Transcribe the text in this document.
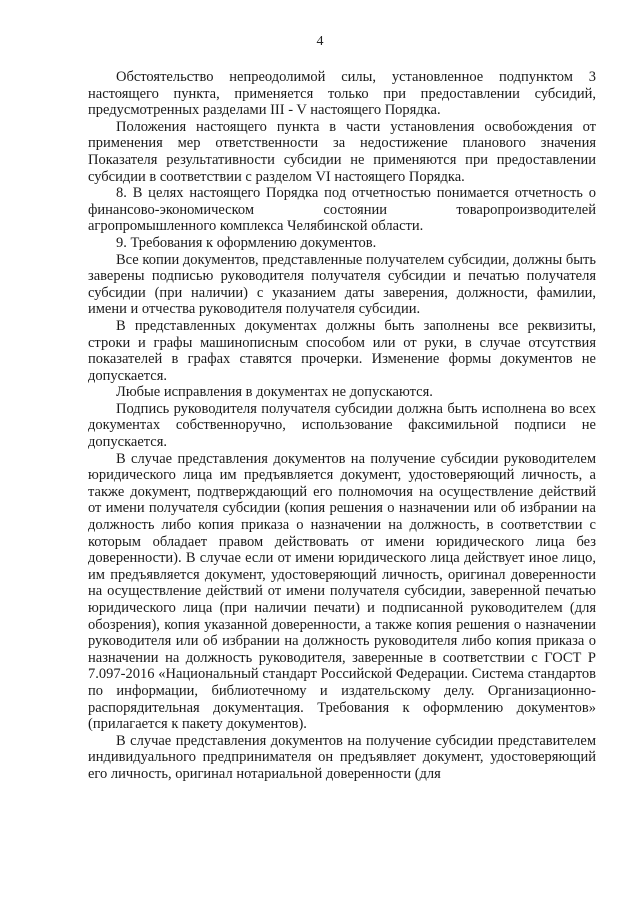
4

Обстоятельство непреодолимой силы, установленное подпунктом 3 настоящего пункта, применяется только при предоставлении субсидий, предусмотренных разделами III - V настоящего Порядка.

Положения настоящего пункта в части установления освобождения от применения мер ответственности за недостижение планового значения Показателя результативности субсидии не применяются при предоставлении субсидии в соответствии с разделом VI настоящего Порядка.

8. В целях настоящего Порядка под отчетностью понимается отчетность о финансово-экономическом состоянии товаропроизводителей агропромышленного комплекса Челябинской области.

9. Требования к оформлению документов.

Все копии документов, представленные получателем субсидии, должны быть заверены подписью руководителя получателя субсидии и печатью получателя субсидии (при наличии) с указанием даты заверения, должности, фамилии, имени и отчества руководителя получателя субсидии.

В представленных документах должны быть заполнены все реквизиты, строки и графы машинописным способом или от руки, в случае отсутствия показателей в графах ставятся прочерки. Изменение формы документов не допускается.

Любые исправления в документах не допускаются.

Подпись руководителя получателя субсидии должна быть исполнена во всех документах собственноручно, использование факсимильной подписи не допускается.

В случае представления документов на получение субсидии руководителем юридического лица им предъявляется документ, удостоверяющий личность, а также документ, подтверждающий его полномочия на осуществление действий от имени получателя субсидии (копия решения о назначении или об избрании на должность либо копия приказа о назначении на должность, в соответствии с которым обладает правом действовать от имени юридического лица без доверенности). В случае если от имени юридического лица действует иное лицо, им предъявляется документ, удостоверяющий личность, оригинал доверенности на осуществление действий от имени получателя субсидии, заверенной печатью юридического лица (при наличии печати) и подписанной руководителем (для обозрения), копия указанной доверенности, а также копия решения о назначении руководителя или об избрании на должность руководителя либо копия приказа о назначении на должность руководителя, заверенные в соответствии с ГОСТ Р 7.097-2016 «Национальный стандарт Российской Федерации. Система стандартов по информации, библиотечному и издательскому делу. Организационно-распорядительная документация. Требования к оформлению документов» (прилагается к пакету документов).

В случае представления документов на получение субсидии представителем индивидуального предпринимателя он предъявляет документ, удостоверяющий его личность, оригинал нотариальной доверенности (для
